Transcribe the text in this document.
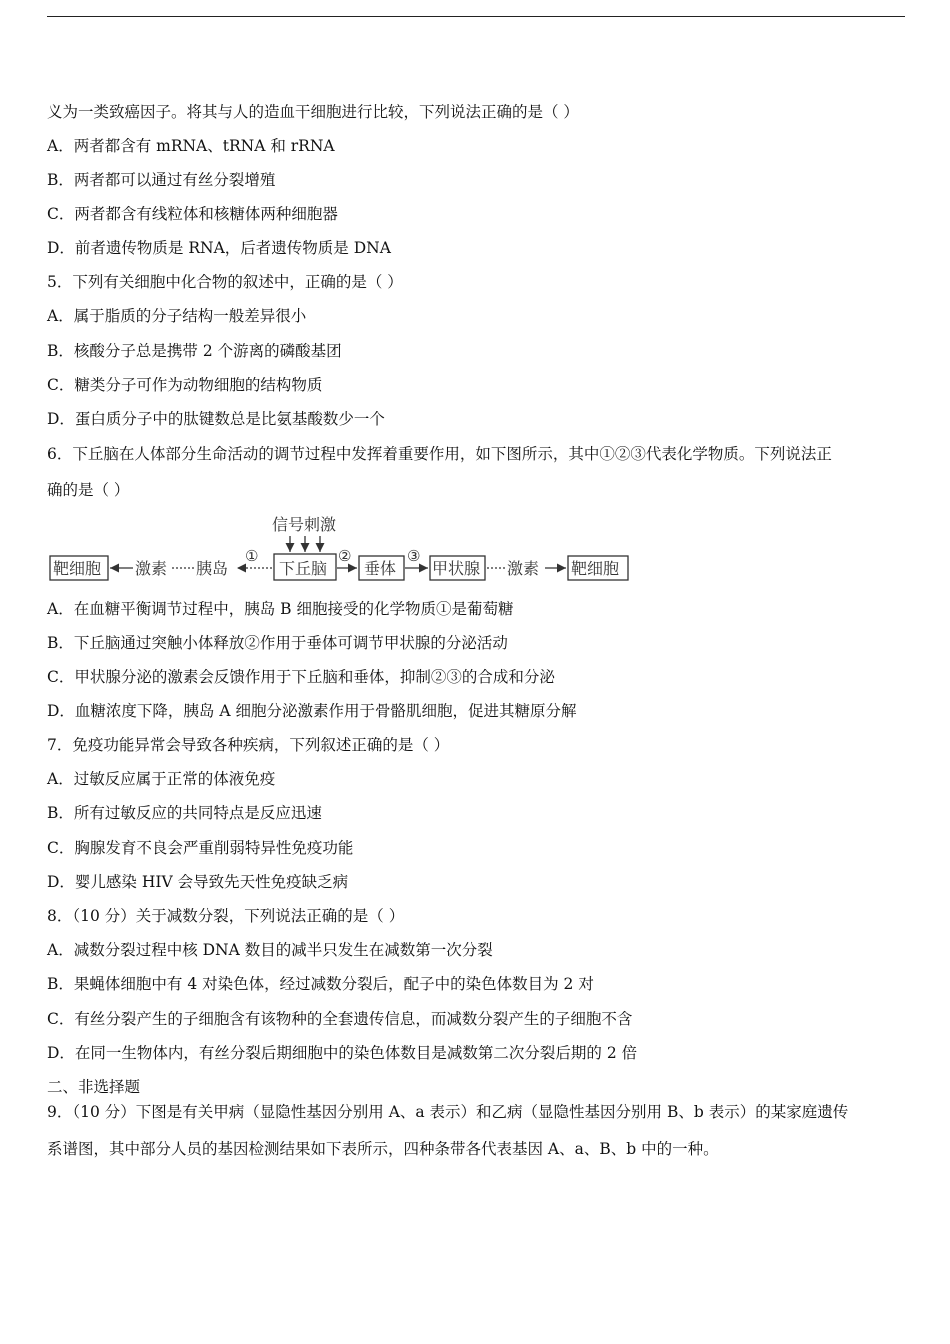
义为一类致癌因子。将其与人的造血干细胞进行比较，下列说法正确的是（ ）
A．两者都含有 mRNA、tRNA 和 rRNA
B．两者都可以通过有丝分裂增殖
C．两者都含有线粒体和核糖体两种细胞器
D．前者遗传物质是 RNA，后者遗传物质是 DNA
5．下列有关细胞中化合物的叙述中，正确的是（ ）
A．属于脂质的分子结构一般差异很小
B．核酸分子总是携带 2 个游离的磷酸基团
C．糖类分子可作为动物细胞的结构物质
D．蛋白质分子中的肽键数总是比氨基酸数少一个
6．下丘脑在人体部分生命活动的调节过程中发挥着重要作用，如下图所示，其中①②③代表化学物质。下列说法正
确的是（ ）
信号刺激
靶细胞 激素 胰岛
①
下丘脑
②
垂体
③
甲状腺 激素 靶细胞
A．在血糖平衡调节过程中，胰岛 B 细胞接受的化学物质①是葡萄糖
B．下丘脑通过突触小体释放②作用于垂体可调节甲状腺的分泌活动
C．甲状腺分泌的激素会反馈作用于下丘脑和垂体，抑制②③的合成和分泌
D．血糖浓度下降，胰岛 A 细胞分泌激素作用于骨骼肌细胞，促进其糖原分解
7．免疫功能异常会导致各种疾病，下列叙述正确的是（ ）
A．过敏反应属于正常的体液免疫
B．所有过敏反应的共同特点是反应迅速
C．胸腺发育不良会严重削弱特异性免疫功能
D．婴儿感染 HIV 会导致先天性免疫缺乏病
8．（10 分）关于减数分裂，下列说法正确的是（ ）
A．减数分裂过程中核 DNA 数目的减半只发生在减数第一次分裂
B．果蝇体细胞中有 4 对染色体，经过减数分裂后，配子中的染色体数目为 2 对
C．有丝分裂产生的子细胞含有该物种的全套遗传信息，而减数分裂产生的子细胞不含
D．在同一生物体内，有丝分裂后期细胞中的染色体数目是减数第二次分裂后期的 2 倍
二、非选择题
9．（10 分）下图是有关甲病（显隐性基因分别用 A、a 表示）和乙病（显隐性基因分别用 B、b 表示）的某家庭遗传
系谱图，其中部分人员的基因检测结果如下表所示，四种条带各代表基因 A、a、B、b 中的一种。
